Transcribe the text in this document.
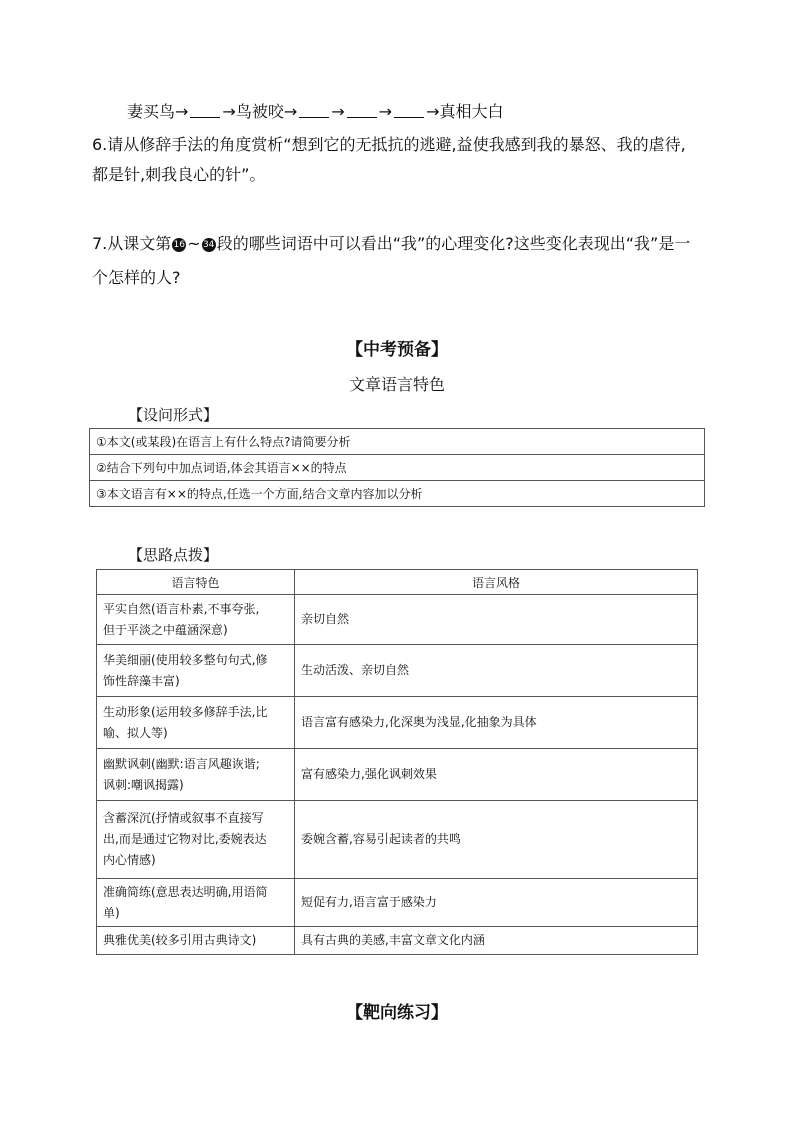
妻买鸟→ →鸟被咬→ → → →真相大白
6.请从修辞手法的角度赏析“想到它的无抵抗的逃避,益使我感到我的暴怒、我的虐待,
都是针,刺我良心的针”。
7.从课文第 16 ~ 34 段的哪些词语中可以看出“我”的心理变化?这些变化表现出“我”是一
个怎样的人?
【中考预备】
文章语言特色
【设问形式】
①本文(或某段)在语言上有什么特点?请简要分析
②结合下列句中加点词语,体会其语言××的特点
③本文语言有××的特点,任选一个方面,结合文章内容加以分析
【思路点拨】
语言特色	语言风格

平实自然(语言朴素,不事夸张,
但于平淡之中蕴涵深意)	亲切自然

华美细丽(使用较多整句句式,修
饰性辞藻丰富)	生动活泼、亲切自然

生动形象(运用较多修辞手法,比
喻、拟人等)	语言富有感染力,化深奥为浅显,化抽象为具体

幽默讽刺(幽默:语言风趣诙谐;
讽刺:嘲讽揭露)	富有感染力,强化讽刺效果

含蓄深沉(抒情或叙事不直接写
出,而是通过它物对比,委婉表达
内心情感)	委婉含蓄,容易引起读者的共鸣

准确简练(意思表达明确,用语简
单)	短促有力,语言富于感染力

典雅优美(较多引用古典诗文)	具有古典的美感,丰富文章文化内涵
【靶向练习】
